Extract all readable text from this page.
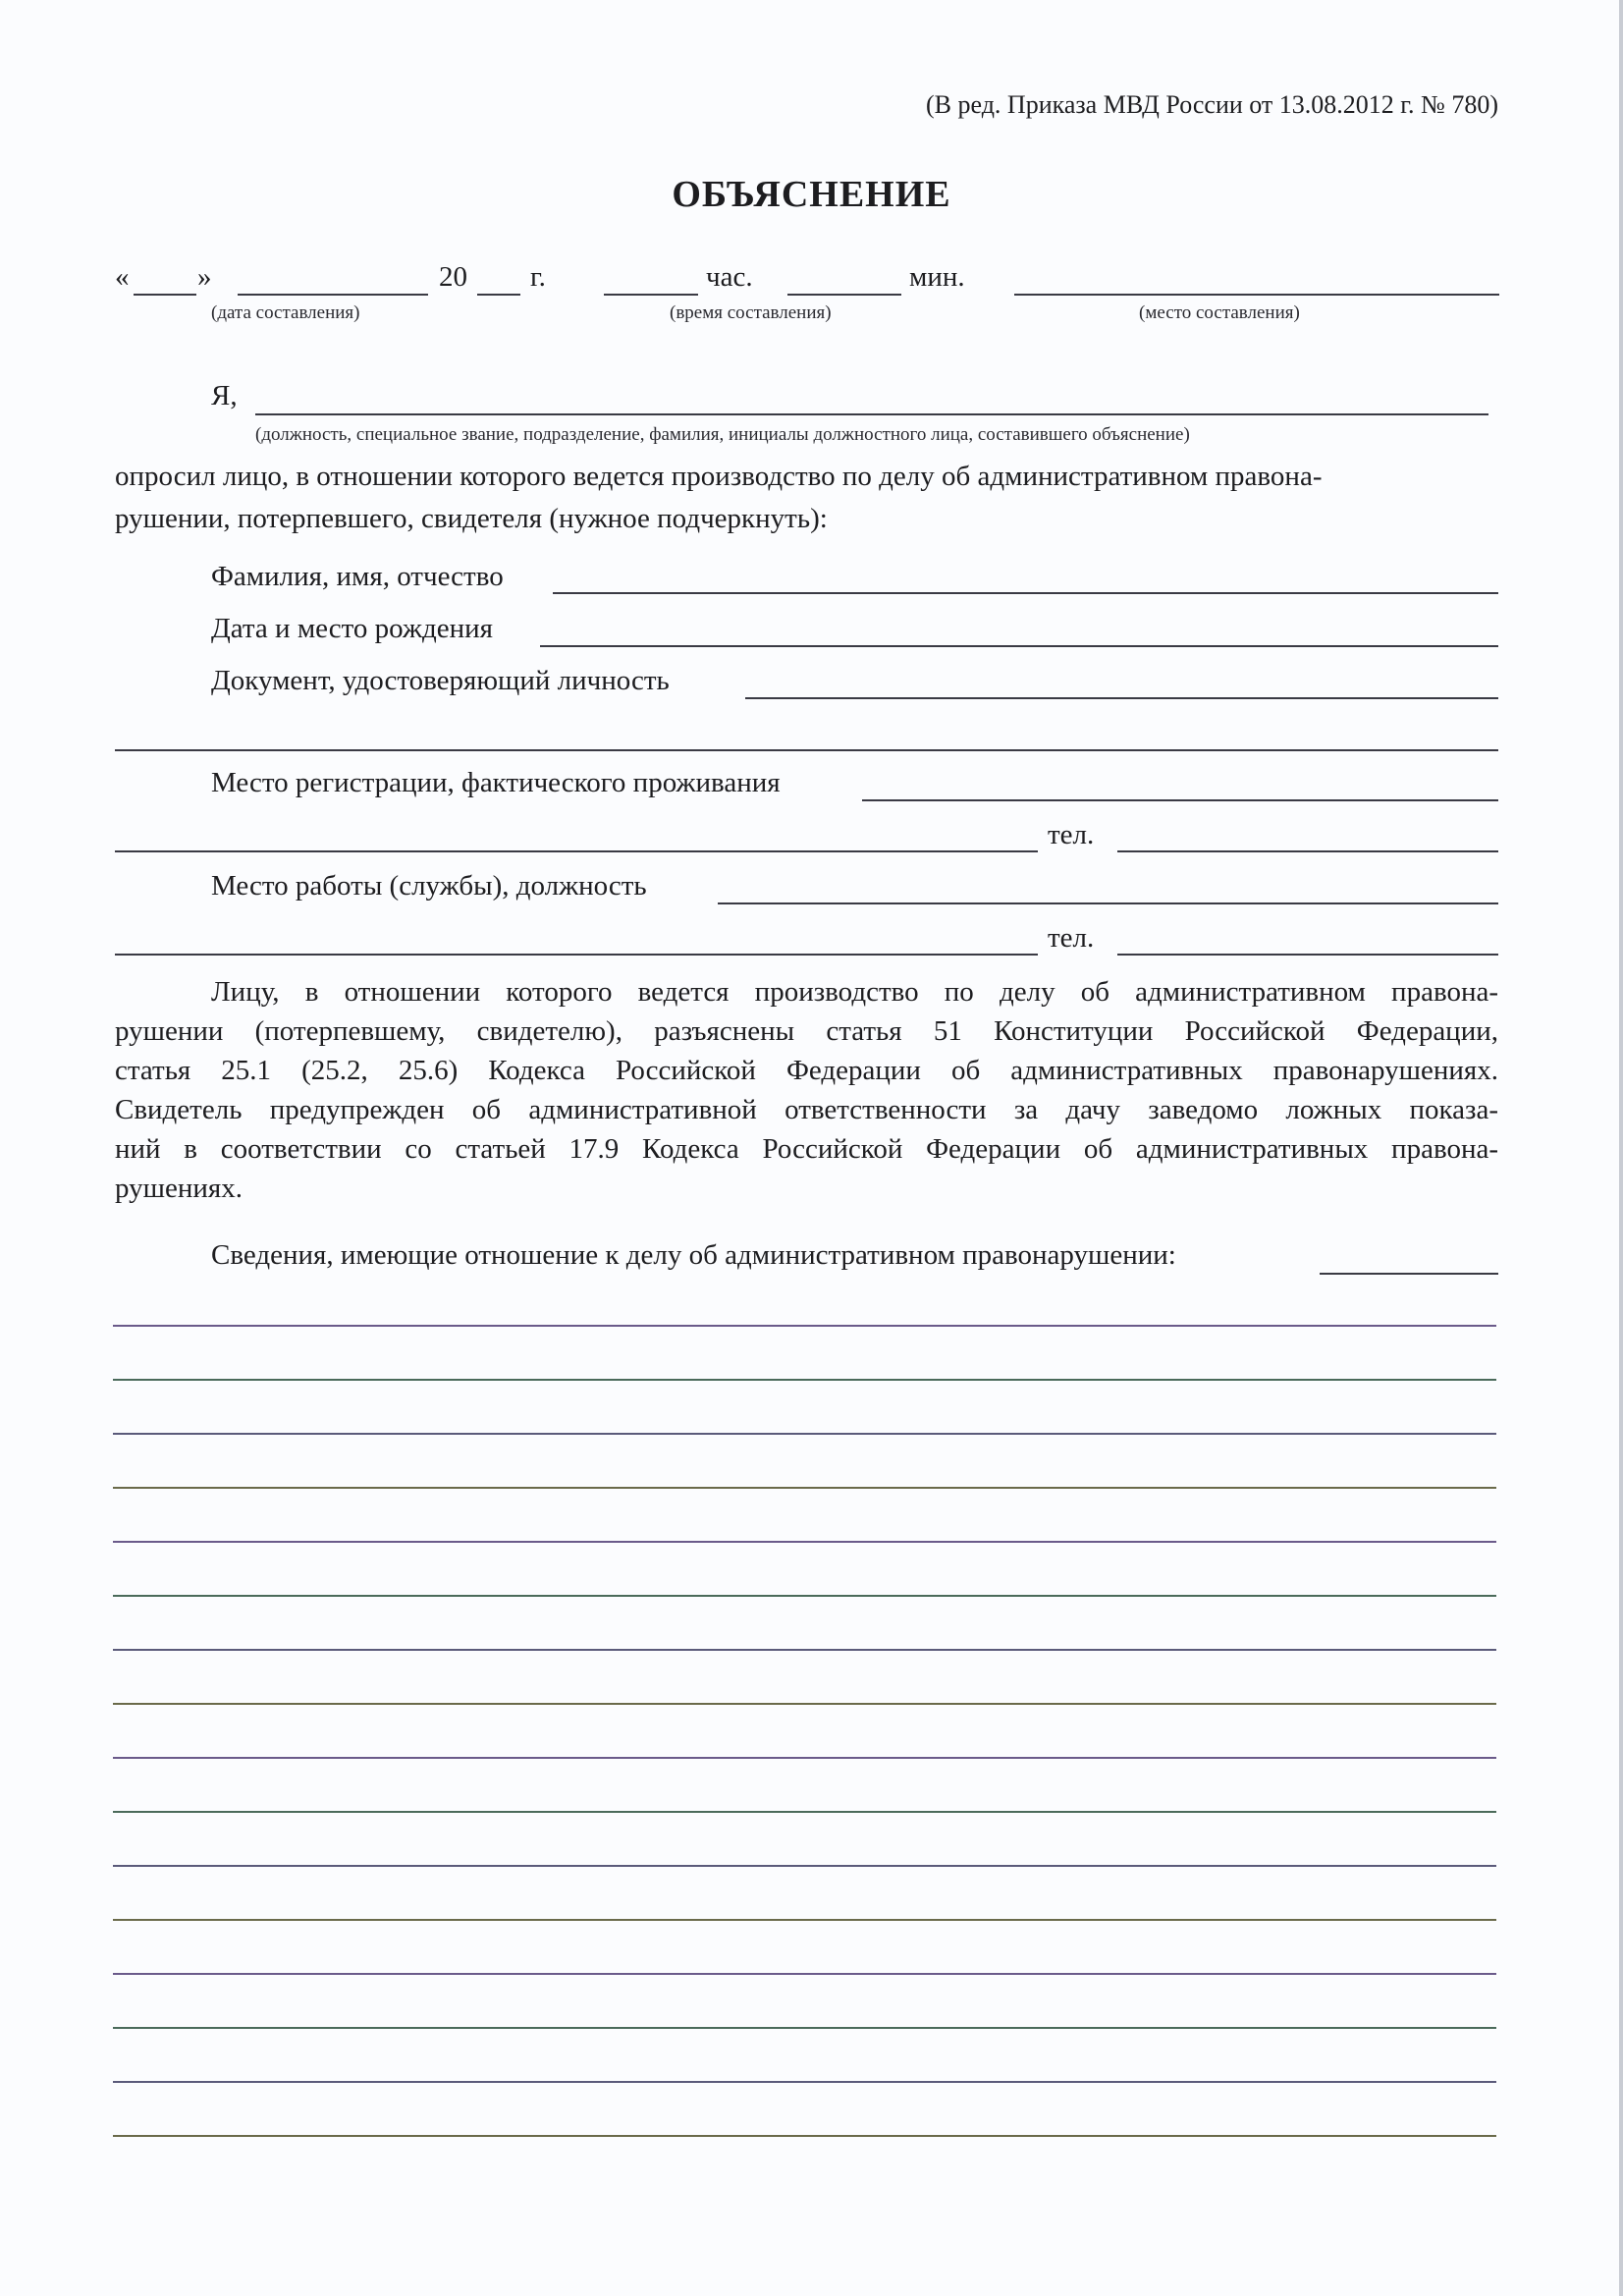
(В ред. Приказа МВД России от 13.08.2012 г. № 780)
ОБЪЯСНЕНИЕ
« »	20 г.	час.	мин.
(дата составления)	(время составления)	(место составления)
Я,
(должность, специальное звание, подразделение, фамилия, инициалы должностного лица, составившего объяснение)
опросил лицо, в отношении которого ведется производство по делу об административном правона-
рушении, потерпевшего, свидетеля (нужное подчеркнуть):
Фамилия, имя, отчество
Дата и место рождения
Документ, удостоверяющий личность
Место регистрации, фактического проживания
тел.
Место работы (службы), должность
тел.
Лицу, в отношении которого ведется производство по делу об административном правона-
рушении (потерпевшему, свидетелю), разъяснены статья 51 Конституции Российской Федерации,
статья 25.1 (25.2, 25.6) Кодекса Российской Федерации об административных правонарушениях.
Свидетель предупрежден об административной ответственности за дачу заведомо ложных показа-
ний в соответствии со статьей 17.9 Кодекса Российской Федерации об административных правона-
рушениях.
Сведения, имеющие отношение к делу об административном правонарушении:
